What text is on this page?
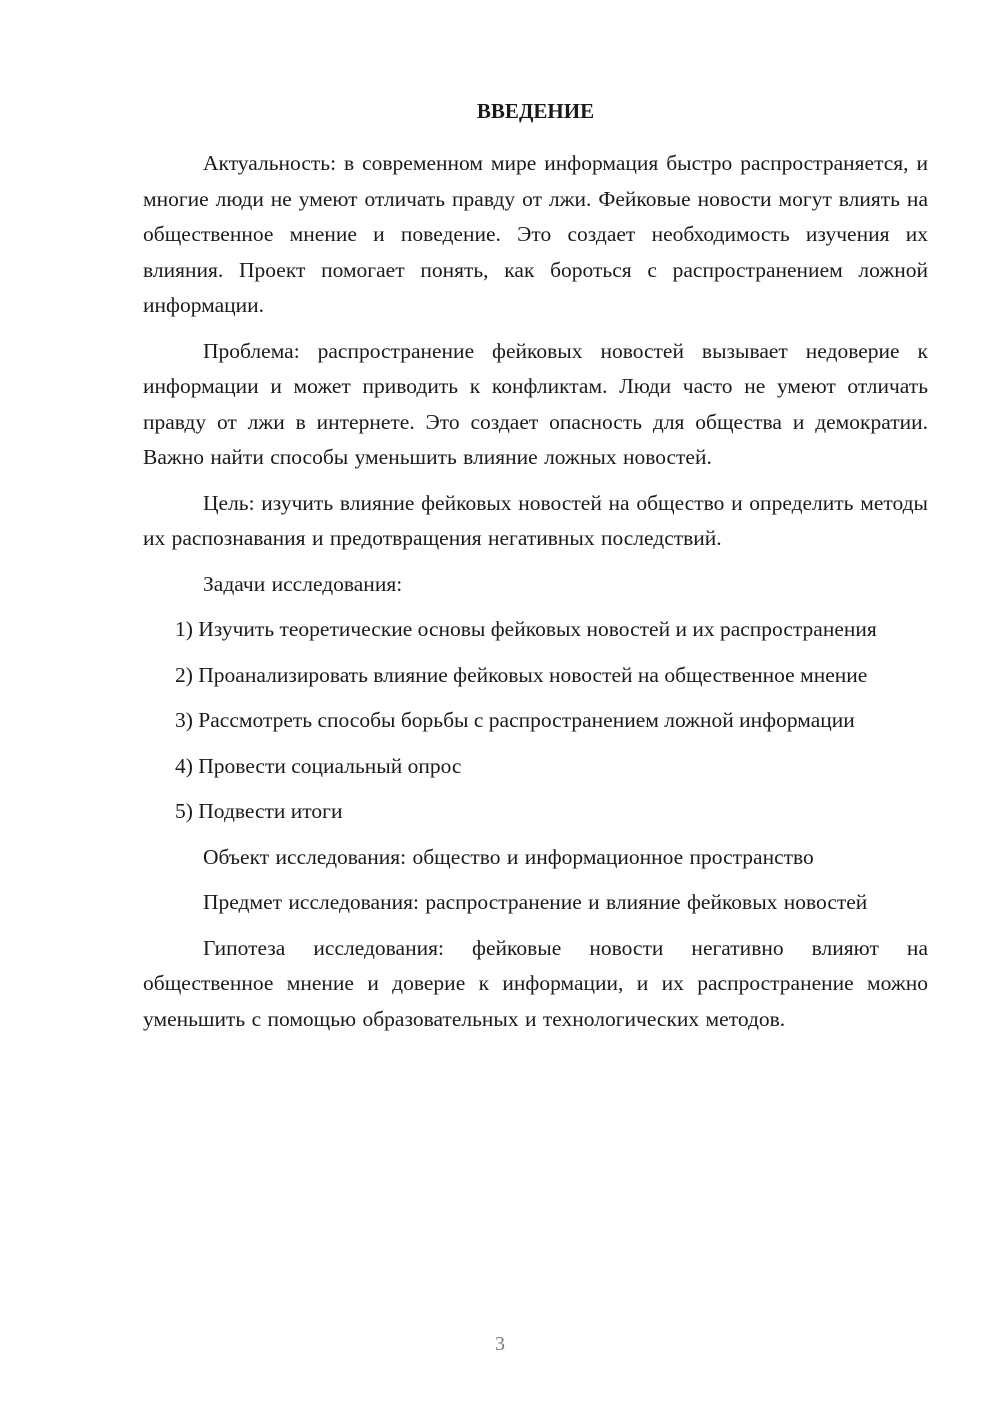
ВВЕДЕНИЕ

Актуальность: в современном мире информация быстро распространяется, и многие люди не умеют отличать правду от лжи. Фейковые новости могут влиять на общественное мнение и поведение. Это создает необходимость изучения их влияния. Проект помогает понять, как бороться с распространением ложной информации.

Проблема: распространение фейковых новостей вызывает недоверие к информации и может приводить к конфликтам. Люди часто не умеют отличать правду от лжи в интернете. Это создает опасность для общества и демократии. Важно найти способы уменьшить влияние ложных новостей.

Цель: изучить влияние фейковых новостей на общество и определить методы их распознавания и предотвращения негативных последствий.

Задачи исследования:

1) Изучить теоретические основы фейковых новостей и их распространения

2) Проанализировать влияние фейковых новостей на общественное мнение

3) Рассмотреть способы борьбы с распространением ложной информации

4) Провести социальный опрос

5) Подвести итоги

Объект исследования: общество и информационное пространство

Предмет исследования: распространение и влияние фейковых новостей

Гипотеза исследования: фейковые новости негативно влияют на общественное мнение и доверие к информации, и их распространение можно уменьшить с помощью образовательных и технологических методов.

3
